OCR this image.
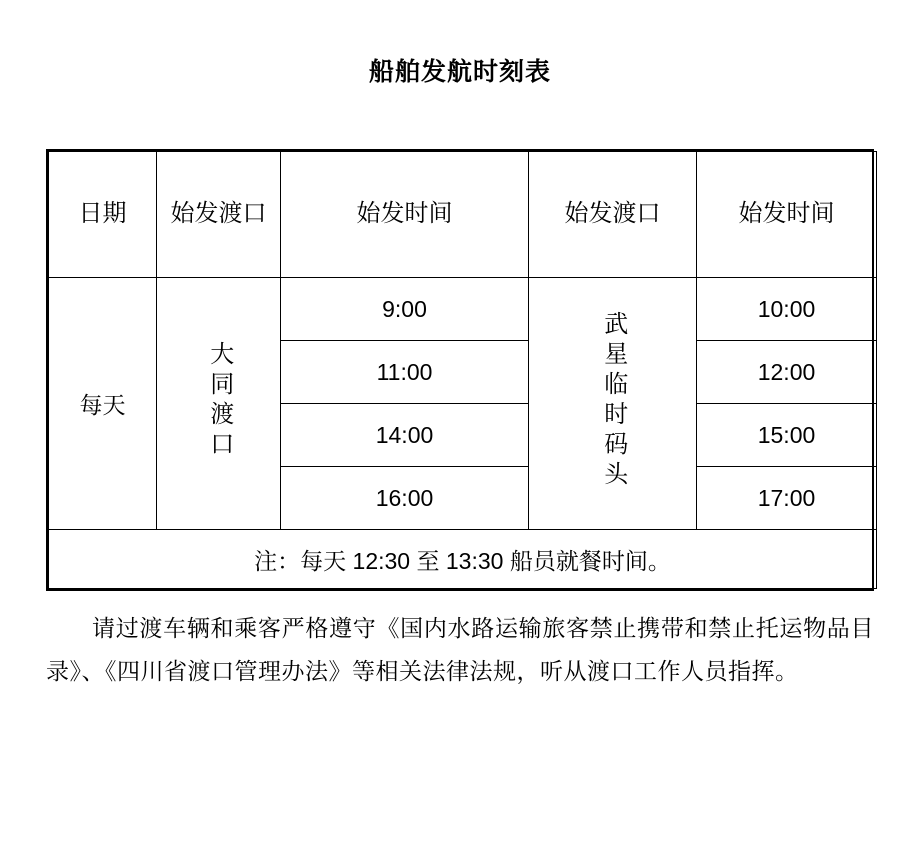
船舶发航时刻表
日期	始发渡口	始发时间	始发渡口	始发时间
每天	大同渡口	9:00	武星临时码头	10:00
		11:00		12:00
		14:00		15:00
		16:00		17:00
注：每天 12:30 至 13:30 船员就餐时间。				
请过渡车辆和乘客严格遵守《国内水路运输旅客禁止携带和禁止托运物品目录》、《四川省渡口管理办法》等相关法律法规，听从渡口工作人员指挥。
